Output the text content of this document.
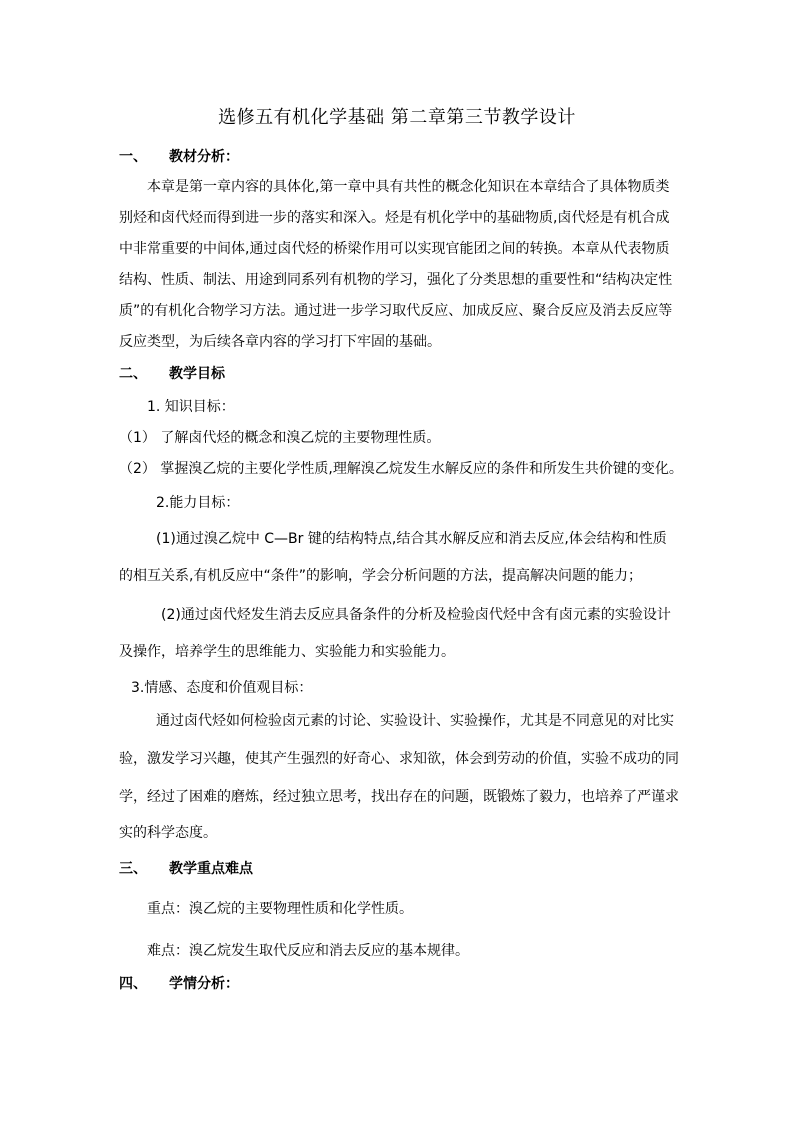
选修五有机化学基础 第二章第三节教学设计
一、 教材分析：
本章是第一章内容的具体化,第一章中具有共性的概念化知识在本章结合了具体物质类
别烃和卤代烃而得到进一步的落实和深入。烃是有机化学中的基础物质,卤代烃是有机合成
中非常重要的中间体,通过卤代烃的桥梁作用可以实现官能团之间的转换。本章从代表物质
结构、性质、制法、用途到同系列有机物的学习，强化了分类思想的重要性和“结构决定性
质”的有机化合物学习方法。通过进一步学习取代反应、加成反应、聚合反应及消去反应等
反应类型，为后续各章内容的学习打下牢固的基础。
二、 教学目标
1. 知识目标：
（1） 了解卤代烃的概念和溴乙烷的主要物理性质。
（2） 掌握溴乙烷的主要化学性质,理解溴乙烷发生水解反应的条件和所发生共价键的变化。
2.能力目标：
(1)通过溴乙烷中 C—Br 键的结构特点,结合其水解反应和消去反应,体会结构和性质
的相互关系,有机反应中“条件”的影响，学会分析问题的方法，提高解决问题的能力；
(2)通过卤代烃发生消去反应具备条件的分析及检验卤代烃中含有卤元素的实验设计
及操作，培养学生的思维能力、实验能力和实验能力。
3.情感、态度和价值观目标：
通过卤代烃如何检验卤元素的讨论、实验设计、实验操作，尤其是不同意见的对比实
验，激发学习兴趣，使其产生强烈的好奇心、求知欲，体会到劳动的价值，实验不成功的同
学，经过了困难的磨炼，经过独立思考，找出存在的问题，既锻炼了毅力，也培养了严谨求
实的科学态度。
三、 教学重点难点
重点：溴乙烷的主要物理性质和化学性质。
难点：溴乙烷发生取代反应和消去反应的基本规律。
四、 学情分析：
